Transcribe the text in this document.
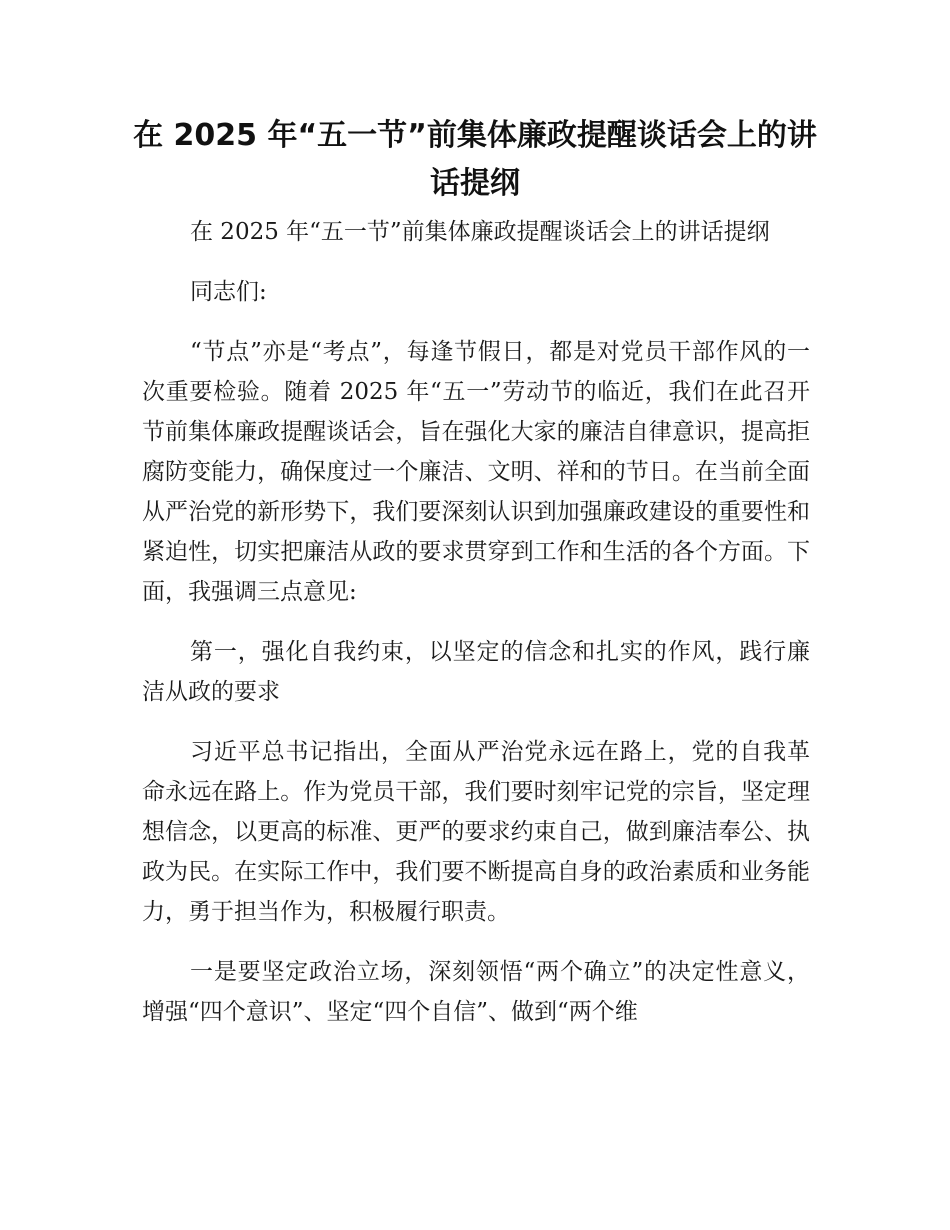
在 2025 年“五一节”前集体廉政提醒谈话会上的讲话提纲

在 2025 年“五一节”前集体廉政提醒谈话会上的讲话提纲

同志们:

“节点”亦是“考点”，每逢节假日，都是对党员干部作风的一次重要检验。随着 2025 年“五一”劳动节的临近，我们在此召开节前集体廉政提醒谈话会，旨在强化大家的廉洁自律意识，提高拒腐防变能力，确保度过一个廉洁、文明、祥和的节日。在当前全面从严治党的新形势下，我们要深刻认识到加强廉政建设的重要性和紧迫性，切实把廉洁从政的要求贯穿到工作和生活的各个方面。下面，我强调三点意见:

第一，强化自我约束，以坚定的信念和扎实的作风，践行廉洁从政的要求

习近平总书记指出，全面从严治党永远在路上，党的自我革命永远在路上。作为党员干部，我们要时刻牢记党的宗旨，坚定理想信念，以更高的标准、更严的要求约束自己，做到廉洁奉公、执政为民。在实际工作中，我们要不断提高自身的政治素质和业务能力，勇于担当作为，积极履行职责。

一是要坚定政治立场，深刻领悟“两个确立”的决定性意义，增强“四个意识”、坚定“四个自信”、做到“两个维
